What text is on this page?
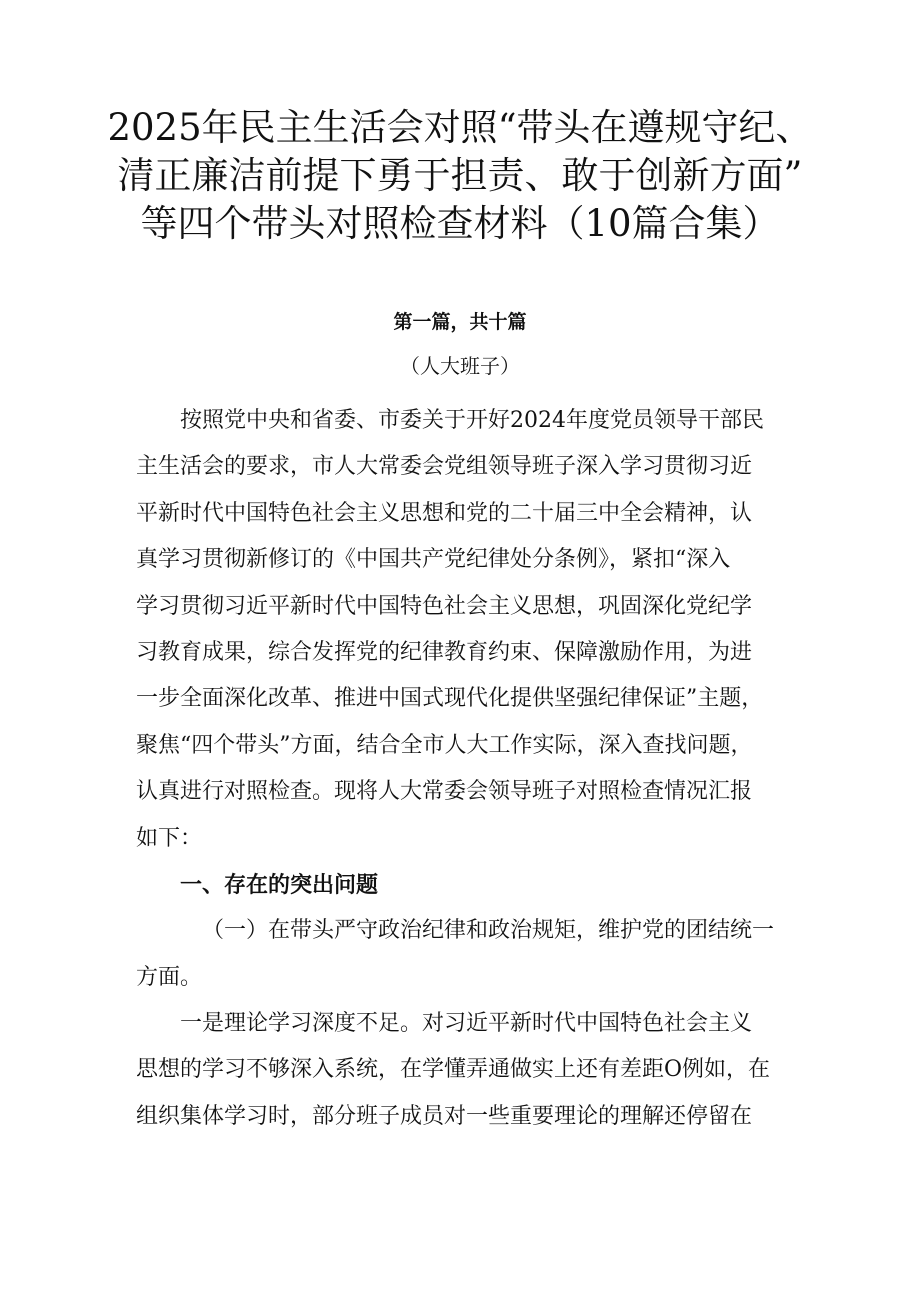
2025年民主生活会对照“带头在遵规守纪、
清正廉洁前提下勇于担责、敢于创新方面”
等四个带头对照检查材料（10篇合集）
第一篇，共十篇
（人大班子）
按照党中央和省委、市委关于开好2024年度党员领导干部民
主生活会的要求，市人大常委会党组领导班子深入学习贯彻习近
平新时代中国特色社会主义思想和党的二十届三中全会精神，认
真学习贯彻新修订的《中国共产党纪律处分条例》，紧扣“深入
学习贯彻习近平新时代中国特色社会主义思想，巩固深化党纪学
习教育成果，综合发挥党的纪律教育约束、保障激励作用，为进
一步全面深化改革、推进中国式现代化提供坚强纪律保证”主题，
聚焦“四个带头”方面，结合全市人大工作实际，深入查找问题，
认真进行对照检查。现将人大常委会领导班子对照检查情况汇报
如下：
一、存在的突出问题
（一）在带头严守政治纪律和政治规矩，维护党的团结统一
方面。
一是理论学习深度不足。对习近平新时代中国特色社会主义
思想的学习不够深入系统，在学懂弄通做实上还有差距O例如，在
组织集体学习时，部分班子成员对一些重要理论的理解还停留在
